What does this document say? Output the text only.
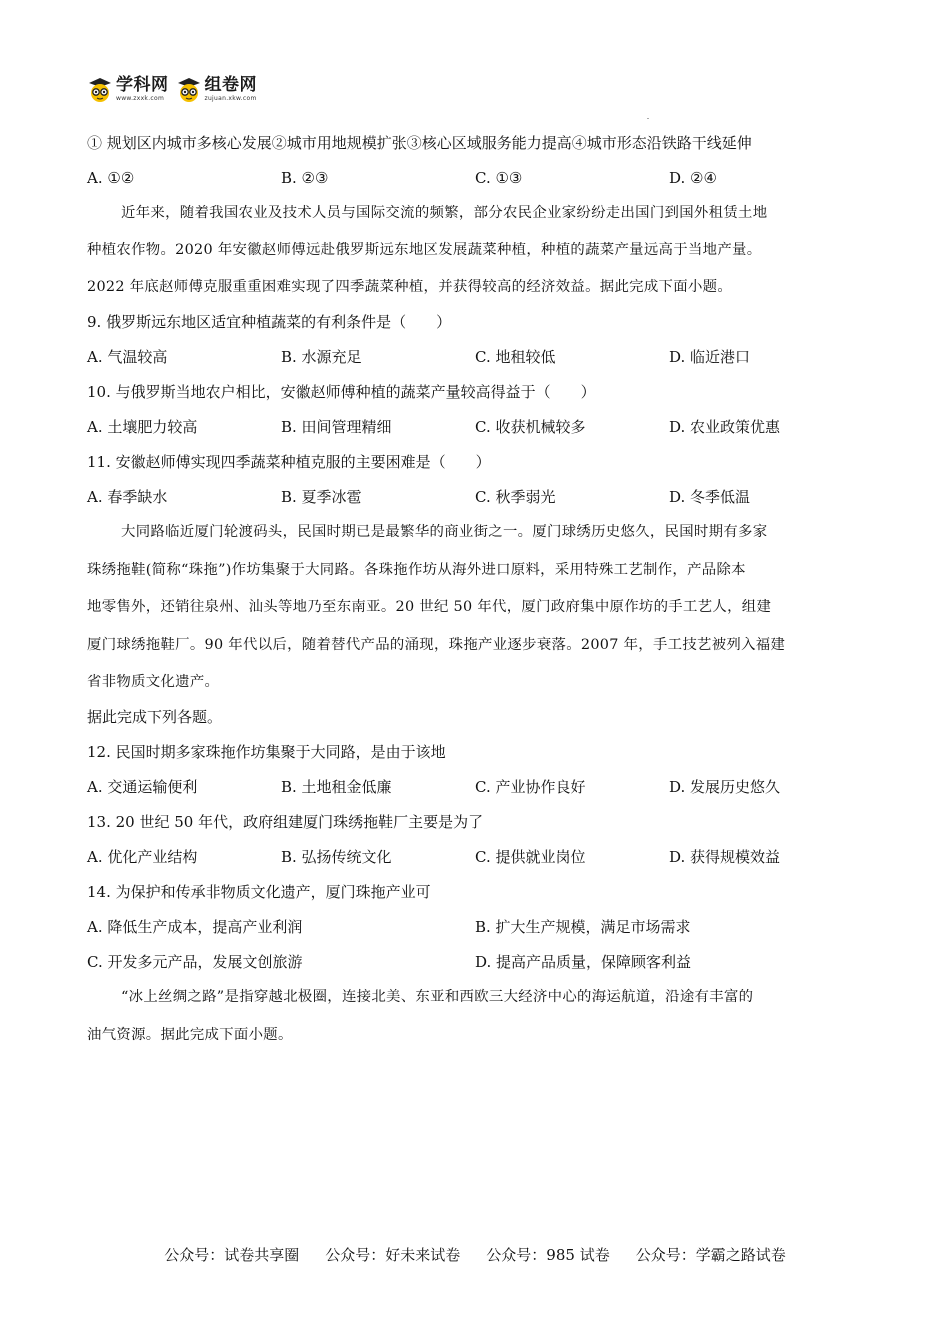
学科网
www.zxxk.com
组卷网
zujuan.xkw.com
① 规划区内城市多核心发展②城市用地规模扩张③核心区域服务能力提高④城市形态沿铁路干线延伸
A. ①②	B. ②③	C. ①③	D. ②④
近年来，随着我国农业及技术人员与国际交流的频繁，部分农民企业家纷纷走出国门到国外租赁土地
种植农作物。2020 年安徽赵师傅远赴俄罗斯远东地区发展蔬菜种植，种植的蔬菜产量远高于当地产量。
2022 年底赵师傅克服重重困难实现了四季蔬菜种植，并获得较高的经济效益。据此完成下面小题。
9. 俄罗斯远东地区适宜种植蔬菜的有利条件是（　　）
A. 气温较高	B. 水源充足	C. 地租较低	D. 临近港口
10. 与俄罗斯当地农户相比，安徽赵师傅种植的蔬菜产量较高得益于（　　）
A. 土壤肥力较高	B. 田间管理精细	C. 收获机械较多	D. 农业政策优惠
11. 安徽赵师傅实现四季蔬菜种植克服的主要困难是（　　）
A. 春季缺水	B. 夏季冰雹	C. 秋季弱光	D. 冬季低温
大同路临近厦门轮渡码头，民国时期已是最繁华的商业街之一。厦门球绣历史悠久，民国时期有多家
珠绣拖鞋(简称“珠拖”)作坊集聚于大同路。各珠拖作坊从海外进口原料，采用特殊工艺制作，产品除本
地零售外，还销往泉州、汕头等地乃至东南亚。20 世纪 50 年代，厦门政府集中原作坊的手工艺人，组建
厦门球绣拖鞋厂。90 年代以后，随着替代产品的涌现，珠拖产业逐步衰落。2007 年，手工技艺被列入福建
省非物质文化遗产。
据此完成下列各题。
12. 民国时期多家珠拖作坊集聚于大同路，是由于该地
A. 交通运输便利	B. 土地租金低廉	C. 产业协作良好	D. 发展历史悠久
13. 20 世纪 50 年代，政府组建厦门珠绣拖鞋厂主要是为了
A. 优化产业结构	B. 弘扬传统文化	C. 提供就业岗位	D. 获得规模效益
14. 为保护和传承非物质文化遗产，厦门珠拖产业可
A. 降低生产成本，提高产业利润	B. 扩大生产规模，满足市场需求
C. 开发多元产品，发展文创旅游	D. 提高产品质量，保障顾客利益
“冰上丝绸之路”是指穿越北极圈，连接北美、东亚和西欧三大经济中心的海运航道，沿途有丰富的
油气资源。据此完成下面小题。
公众号：试卷共享圈 公众号：好未来试卷 公众号：985 试卷 公众号：学霸之路试卷
